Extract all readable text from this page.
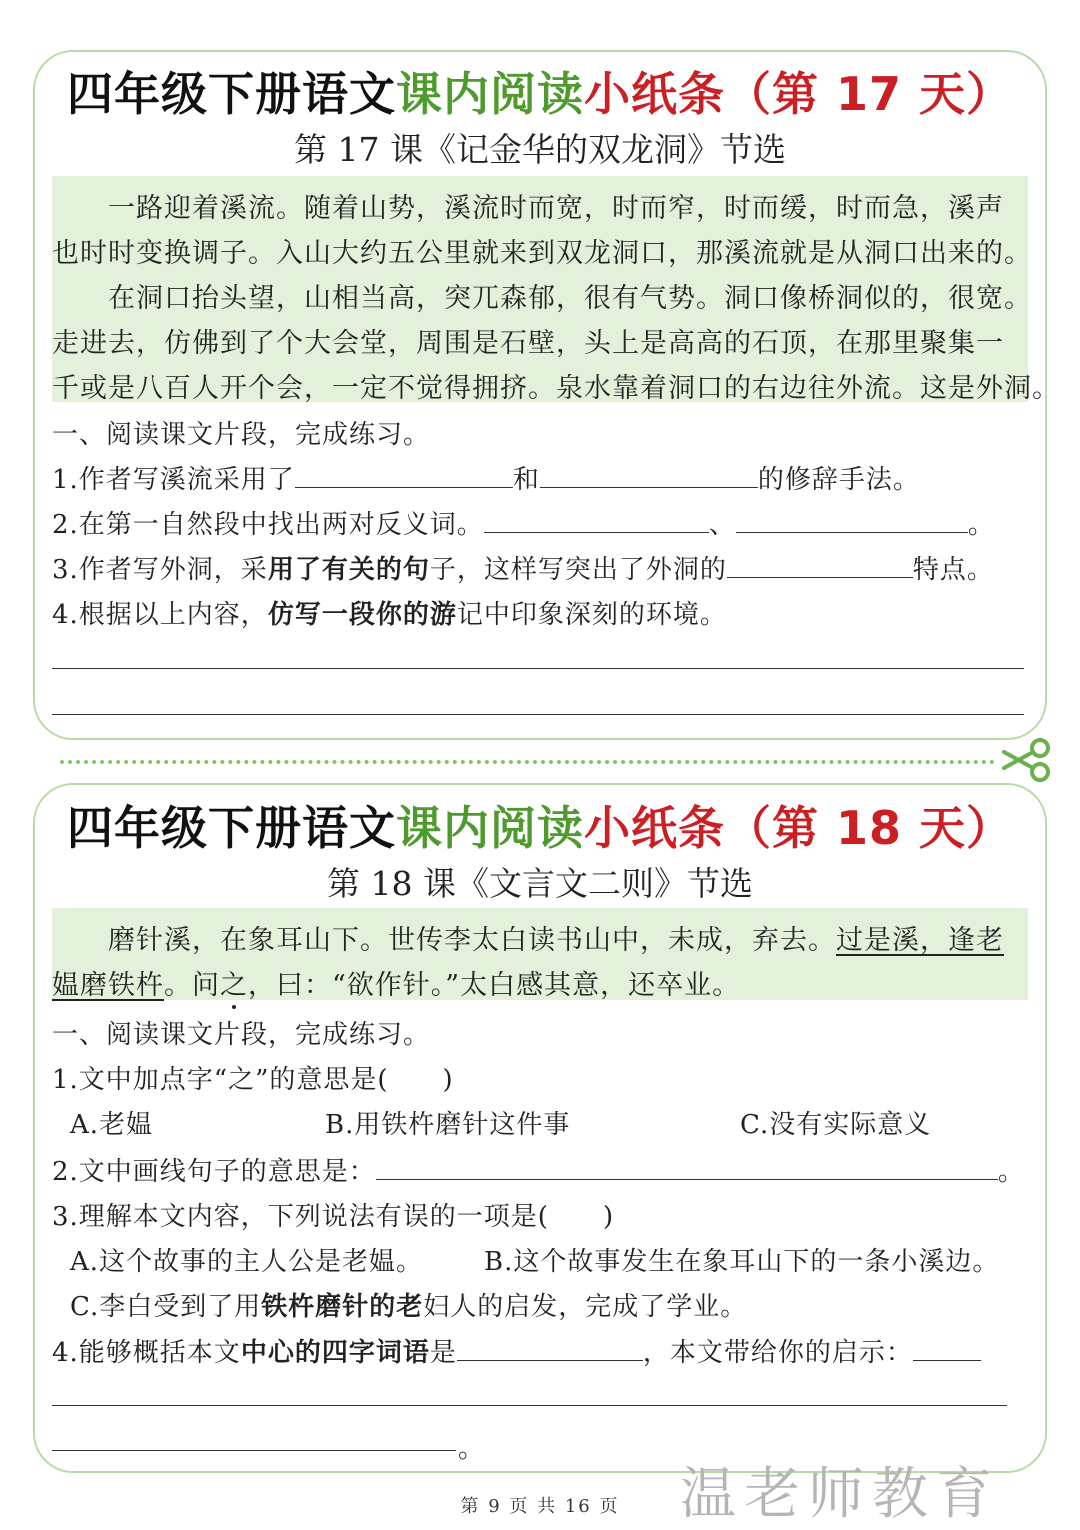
四年级下册语文课内阅读小纸条（第 17 天）
第 17 课《记金华的双龙洞》节选
一路迎着溪流。随着山势，溪流时而宽，时而窄，时而缓，时而急，溪声
也时时变换调子。入山大约五公里就来到双龙洞口，那溪流就是从洞口出来的。
在洞口抬头望，山相当高，突兀森郁，很有气势。洞口像桥洞似的，很宽。
走进去，仿佛到了个大会堂，周围是石壁，头上是高高的石顶，在那里聚集一
千或是八百人开个会，一定不觉得拥挤。泉水靠着洞口的右边往外流。这是外洞。
一、阅读课文片段，完成练习。
1.作者写溪流采用了	和	的修辞手法。
2.在第一自然段中找出两对反义词。	、	。
3.作者写外洞，采用了有关的句子，这样写突出了外洞的	特点。
4.根据以上内容，仿写一段你的游记中印象深刻的环境。
四年级下册语文课内阅读小纸条（第 18 天）
第 18 课《文言文二则》节选
磨针溪，在象耳山下。世传李太白读书山中，未成，弃去。过是溪，逢老
媪磨铁杵。问之，曰：“欲作针。”太白感其意，还卒业。
一、阅读课文片段，完成练习。
1.文中加点字“之”的意思是(　　)
A.老媪	B.用铁杵磨针这件事	C.没有实际意义
2.文中画线句子的意思是：	。
3.理解本文内容，下列说法有误的一项是(　　)
A.这个故事的主人公是老媪。 B.这个故事发生在象耳山下的一条小溪边。
C.李白受到了用铁杵磨针的老妇人的启发，完成了学业。
4.能够概括本文中心的四字词语是	，本文带给你的启示：
。
温老师教育
第 9 页 共 16 页
